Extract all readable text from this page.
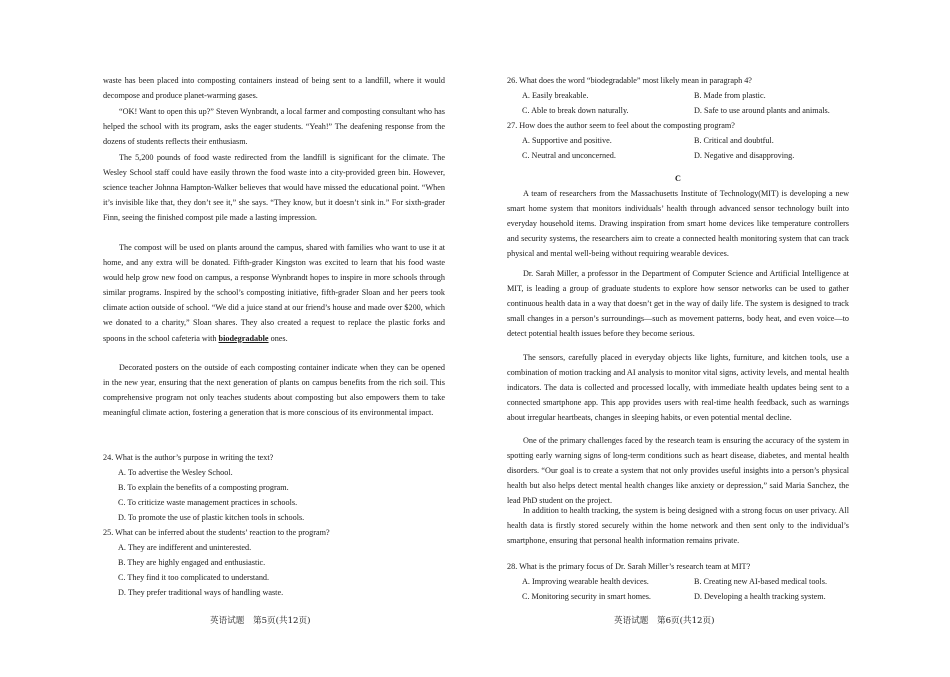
waste has been placed into composting containers instead of being sent to a landfill, where it would decompose and produce planet-warming gases.

“OK! Want to open this up?” Steven Wynbrandt, a local farmer and composting consultant who has helped the school with its program, asks the eager students. “Yeah!” The deafening response from the dozens of students reflects their enthusiasm.

The 5,200 pounds of food waste redirected from the landfill is significant for the climate. The Wesley School staff could have easily thrown the food waste into a city-provided green bin. However, science teacher Johnna Hampton-Walker believes that would have missed the educational point. “When it’s invisible like that, they don’t see it,” she says. “They know, but it doesn’t sink in.” For sixth-grader Finn, seeing the finished compost pile made a lasting impression.

The compost will be used on plants around the campus, shared with families who want to use it at home, and any extra will be donated. Fifth-grader Kingston was excited to learn that his food waste would help grow new food on campus, a response Wynbrandt hopes to inspire in more schools through similar programs. Inspired by the school’s composting initiative, fifth-grader Sloan and her peers took climate action outside of school. “We did a juice stand at our friend’s house and made over $200, which we donated to a charity,” Sloan shares. They also created a request to replace the plastic forks and spoons in the school cafeteria with biodegradable ones.

Decorated posters on the outside of each composting container indicate when they can be opened in the new year, ensuring that the next generation of plants on campus benefits from the rich soil. This comprehensive program not only teaches students about composting but also empowers them to take meaningful climate action, fostering a generation that is more conscious of its environmental impact.

24. What is the author’s purpose in writing the text?

A. To advertise the Wesley School.

B. To explain the benefits of a composting program.

C. To criticize waste management practices in schools.

D. To promote the use of plastic kitchen tools in schools.

25. What can be inferred about the students’ reaction to the program?

A. They are indifferent and uninterested.

B. They are highly engaged and enthusiastic.

C. They find it too complicated to understand.

D. They prefer traditional ways of handling waste.

英语试题　第5页(共12页)

26. What does the word “biodegradable” most likely mean in paragraph 4?

A. Easily breakable.	B. Made from plastic.
C. Able to break down naturally.	D. Safe to use around plants and animals.

27. How does the author seem to feel about the composting program?

A. Supportive and positive.	B. Critical and doubtful.
C. Neutral and unconcerned.	D. Negative and disapproving.

C

A team of researchers from the Massachusetts Institute of Technology(MIT) is developing a new smart home system that monitors individuals’ health through advanced sensor technology built into everyday household items. Drawing inspiration from smart home devices like temperature controllers and security systems, the researchers aim to create a connected health monitoring system that can track physical and mental well-being without requiring wearable devices.

Dr. Sarah Miller, a professor in the Department of Computer Science and Artificial Intelligence at MIT, is leading a group of graduate students to explore how sensor networks can be used to gather continuous health data in a way that doesn’t get in the way of daily life. The system is designed to track small changes in a person’s surroundings—such as movement patterns, body heat, and even voice—to detect potential health issues before they become serious.

The sensors, carefully placed in everyday objects like lights, furniture, and kitchen tools, use a combination of motion tracking and AI analysis to monitor vital signs, activity levels, and mental health indicators. The data is collected and processed locally, with immediate health updates being sent to a connected smartphone app. This app provides users with real-time health feedback, such as warnings about irregular heartbeats, changes in sleeping habits, or even potential mental decline.

One of the primary challenges faced by the research team is ensuring the accuracy of the system in spotting early warning signs of long-term conditions such as heart disease, diabetes, and mental health disorders. “Our goal is to create a system that not only provides useful insights into a person’s physical health but also helps detect mental health changes like anxiety or depression,” said Maria Sanchez, the lead PhD student on the project.

In addition to health tracking, the system is being designed with a strong focus on user privacy. All health data is firstly stored securely within the home network and then sent only to the individual’s smartphone, ensuring that personal health information remains private.

28. What is the primary focus of Dr. Sarah Miller’s research team at MIT?

A. Improving wearable health devices.	B. Creating new AI-based medical tools.
C. Monitoring security in smart homes.	D. Developing a health tracking system.
英语试题　第6页(共12页)
